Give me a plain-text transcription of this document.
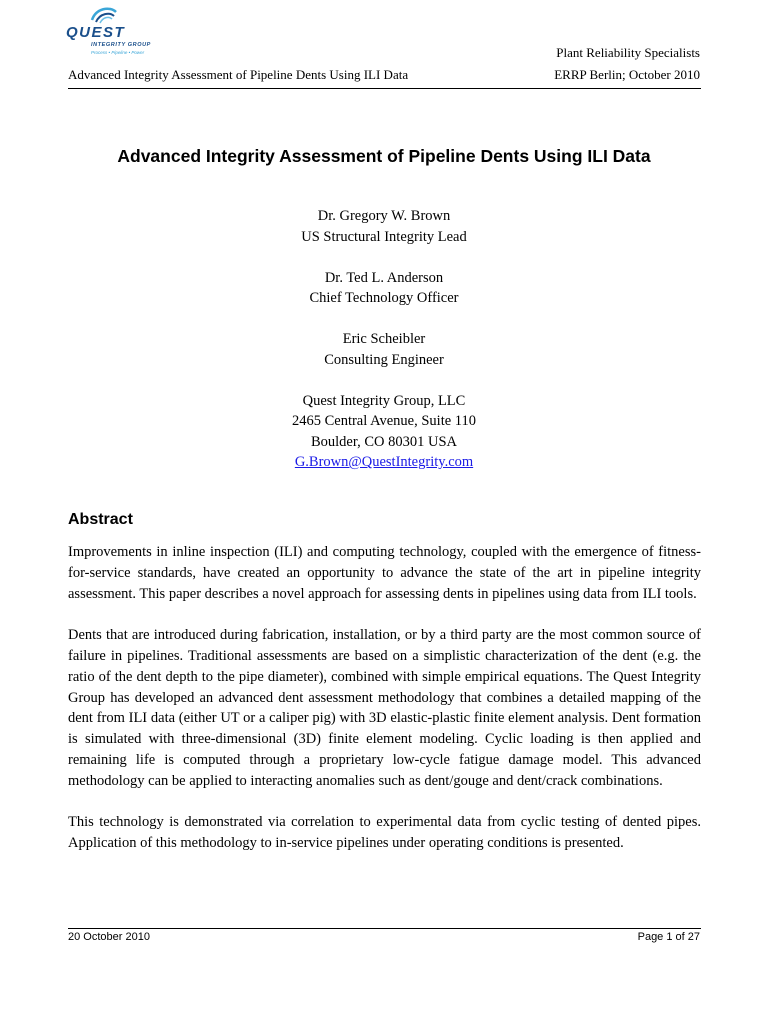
QUEST
INTEGRITY GROUP
Process • Pipeline • Power	Plant Reliability Specialists
Advanced Integrity Assessment of Pipeline Dents Using ILI Data	ERRP Berlin; October 2010
Advanced Integrity Assessment of Pipeline Dents Using ILI Data
Dr. Gregory W. Brown
US Structural Integrity Lead
Dr. Ted L. Anderson
Chief Technology Officer
Eric Scheibler
Consulting Engineer
Quest Integrity Group, LLC
2465 Central Avenue, Suite 110
Boulder, CO 80301 USA
G.Brown@QuestIntegrity.com
Abstract

Improvements in inline inspection (ILI) and computing technology, coupled with the emergence of fitness-for-service standards, have created an opportunity to advance the state of the art in pipeline integrity assessment. This paper describes a novel approach for assessing dents in pipelines using data from ILI tools.

Dents that are introduced during fabrication, installation, or by a third party are the most common source of failure in pipelines. Traditional assessments are based on a simplistic characterization of the dent (e.g. the ratio of the dent depth to the pipe diameter), combined with simple empirical equations. The Quest Integrity Group has developed an advanced dent assessment methodology that combines a detailed mapping of the dent from ILI data (either UT or a caliper pig) with 3D elastic-plastic finite element analysis. Dent formation is simulated with three-dimensional (3D) finite element modeling. Cyclic loading is then applied and remaining life is computed through a proprietary low-cycle fatigue damage model. This advanced methodology can be applied to interacting anomalies such as dent/gouge and dent/crack combinations.

This technology is demonstrated via correlation to experimental data from cyclic testing of dented pipes. Application of this methodology to in-service pipelines under operating conditions is presented.

20 October 2010	Page 1 of 27
